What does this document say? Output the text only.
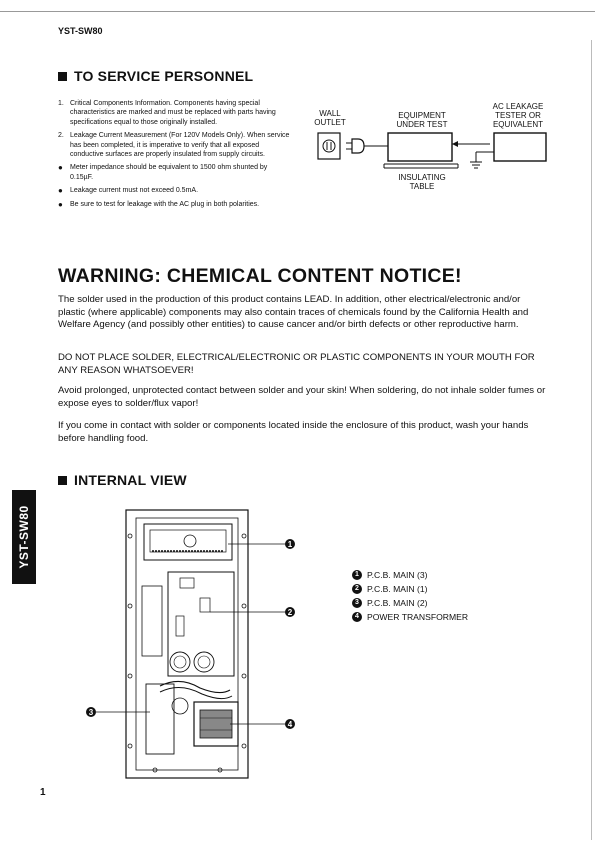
YST-SW80
TO SERVICE PERSONNEL
1. Critical Components Information. Components having special characteristics are marked and must be replaced with parts having specifications equal to those originally installed.
2. Leakage Current Measurement (For 120V Models Only). When service has been completed, it is imperative to verify that all exposed conductive surfaces are properly insulated from supply circuits.
●	Meter impedance should be equivalent to 1500 ohm shunted by 0.15µF.
●	Leakage current must not exceed 0.5mA.
●	Be sure to test for leakage with the AC plug in both polarities.
WALL
OUTLET
EQUIPMENT
UNDER TEST
AC LEAKAGE
TESTER OR
EQUIVALENT
INSULATING
TABLE
WARNING: CHEMICAL CONTENT NOTICE!
The solder used in the production of this product contains LEAD. In addition, other electrical/electronic and/or plastic (where applicable) components may also contain traces of chemicals found by the California Health and Welfare Agency (and possibly other entities) to cause cancer and/or birth defects or other reproductive harm.
DO NOT PLACE SOLDER, ELECTRICAL/ELECTRONIC OR PLASTIC COMPONENTS IN YOUR MOUTH FOR ANY REASON WHATSOEVER!
Avoid prolonged, unprotected contact between solder and your skin! When soldering, do not inhale solder fumes or expose eyes to solder/flux vapor!
If you come in contact with solder or components located inside the enclosure of this product, wash your hands before handling food.
INTERNAL VIEW
YST-SW80	1
2
3
4
1 P.C.B. MAIN (3)
2 P.C.B. MAIN (1)
3 P.C.B. MAIN (2)
4 POWER TRANSFORMER
1
